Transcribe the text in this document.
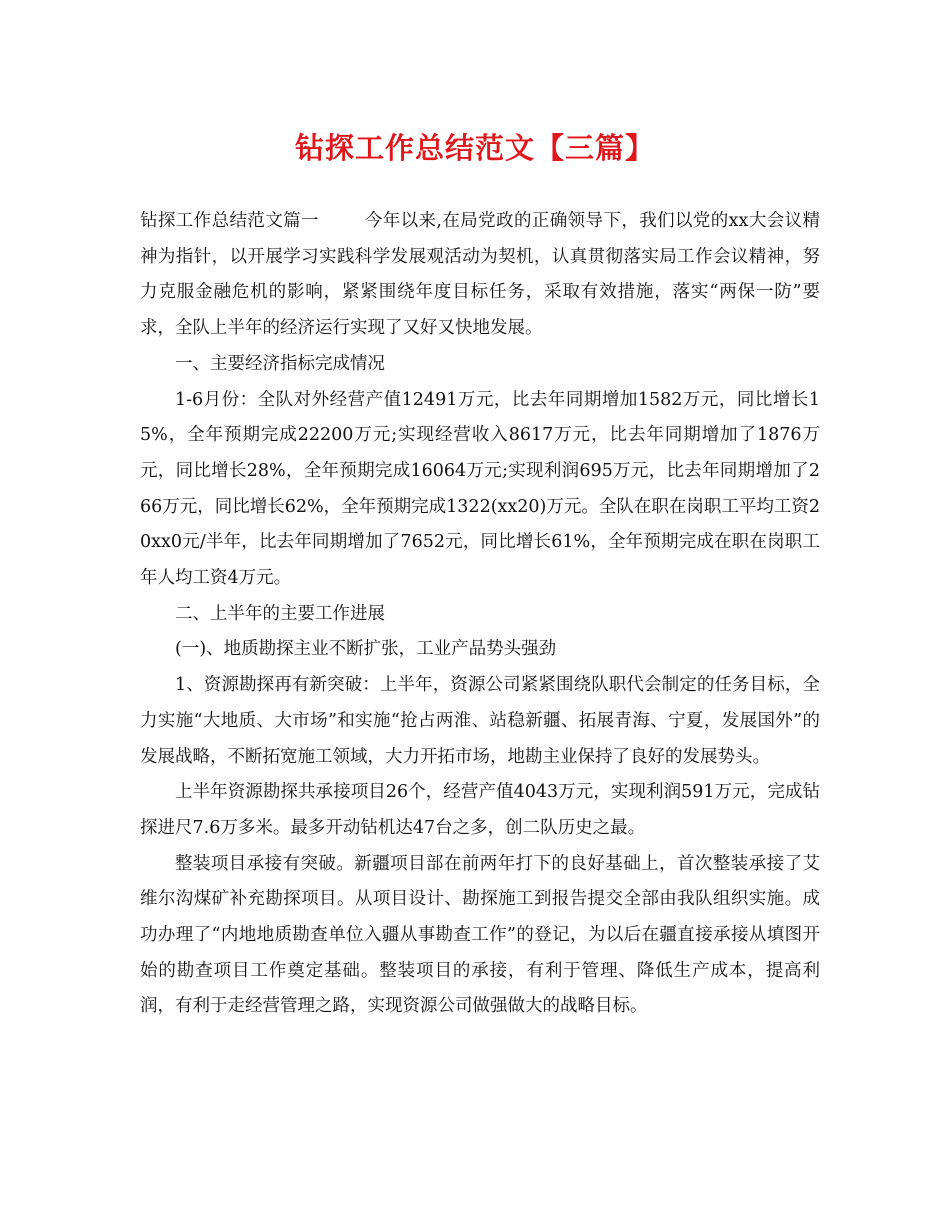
钻探工作总结范文【三篇】

钻探工作总结范文篇一	今年以来,在局党政的正确领导下，我们以党的xx大会议精神为指针，以开展学习实践科学发展观活动为契机，认真贯彻落实局工作会议精神，努力克服金融危机的影响，紧紧围绕年度目标任务，采取有效措施，落实“两保一防”要求，全队上半年的经济运行实现了又好又快地发展。

一、主要经济指标完成情况

1-6月份：全队对外经营产值12491万元，比去年同期增加1582万元，同比增长15%，全年预期完成22200万元;实现经营收入8617万元，比去年同期增加了1876万元，同比增长28%，全年预期完成16064万元;实现利润695万元，比去年同期增加了266万元，同比增长62%，全年预期完成1322(xx20)万元。全队在职在岗职工平均工资20xx0元/半年，比去年同期增加了7652元，同比增长61%，全年预期完成在职在岗职工年人均工资4万元。

二、上半年的主要工作进展

(一)、地质勘探主业不断扩张，工业产品势头强劲

1、资源勘探再有新突破：上半年，资源公司紧紧围绕队职代会制定的任务目标，全力实施“大地质、大市场”和实施“抢占两淮、站稳新疆、拓展青海、宁夏，发展国外”的发展战略，不断拓宽施工领域，大力开拓市场，地勘主业保持了良好的发展势头。

上半年资源勘探共承接项目26个，经营产值4043万元，实现利润591万元，完成钻探进尺7.6万多米。最多开动钻机达47台之多，创二队历史之最。

整装项目承接有突破。新疆项目部在前两年打下的良好基础上，首次整装承接了艾维尔沟煤矿补充勘探项目。从项目设计、勘探施工到报告提交全部由我队组织实施。成功办理了“内地地质勘查单位入疆从事勘查工作”的登记，为以后在疆直接承接从填图开始的勘查项目工作奠定基础。整装项目的承接，有利于管理、降低生产成本，提高利润，有利于走经营管理之路，实现资源公司做强做大的战略目标。
